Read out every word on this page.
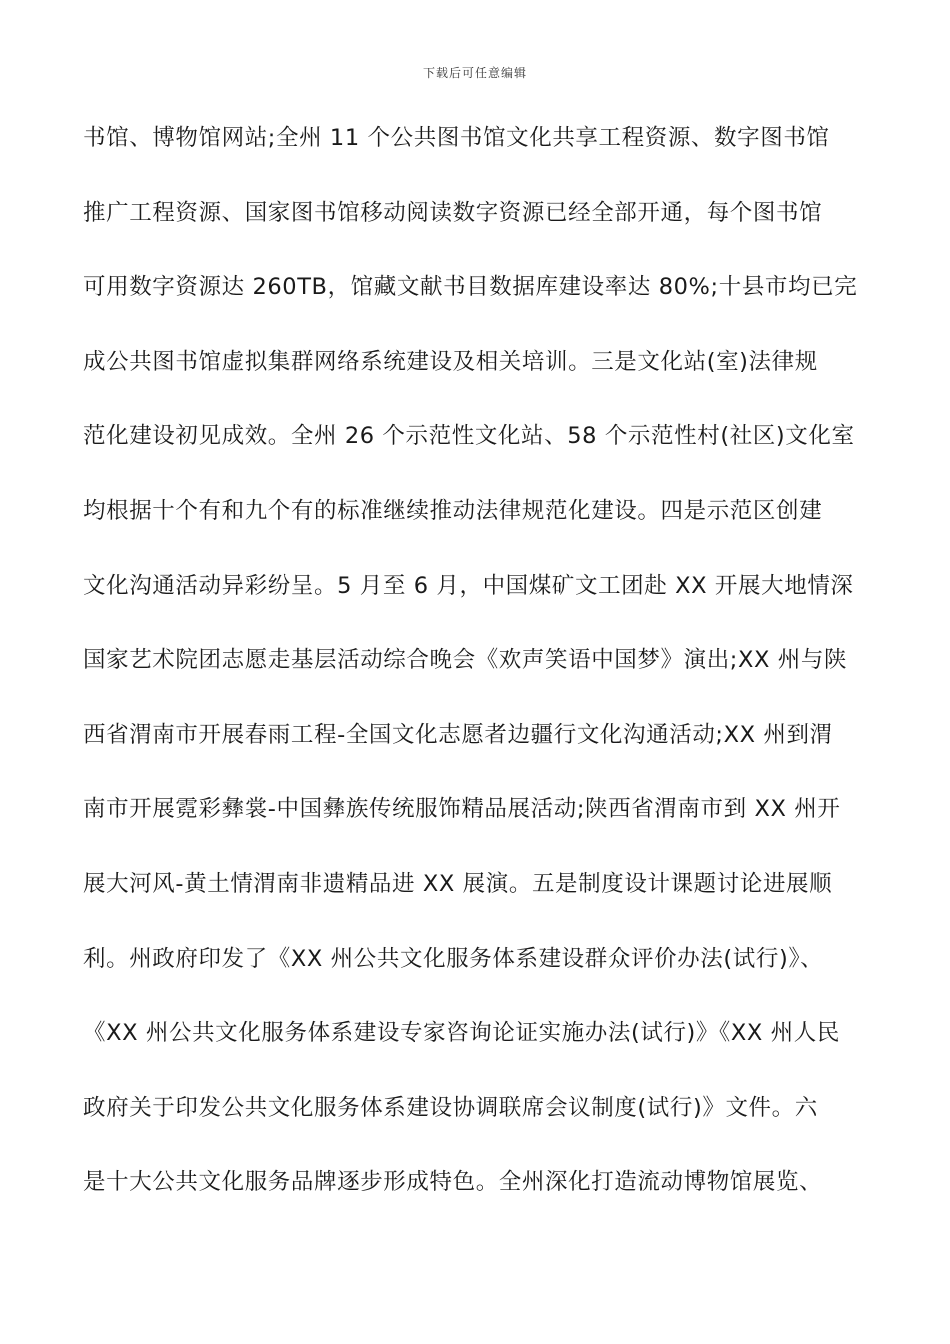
下载后可任意编辑
书馆、博物馆网站;全州 11 个公共图书馆文化共享工程资源、数字图书馆
推广工程资源、国家图书馆移动阅读数字资源已经全部开通，每个图书馆
可用数字资源达 260TB，馆藏文献书目数据库建设率达 80%;十县市均已完
成公共图书馆虚拟集群网络系统建设及相关培训。三是文化站(室)法律规
范化建设初见成效。全州 26 个示范性文化站、58 个示范性村(社区)文化室
均根据十个有和九个有的标准继续推动法律规范化建设。四是示范区创建
文化沟通活动异彩纷呈。5 月至 6 月，中国煤矿文工团赴 XX 开展大地情深
国家艺术院团志愿走基层活动综合晚会《欢声笑语中国梦》演出;XX 州与陕
西省渭南市开展春雨工程-全国文化志愿者边疆行文化沟通活动;XX 州到渭
南市开展霓彩彝裳-中国彝族传统服饰精品展活动;陕西省渭南市到 XX 州开
展大河风-黄土情渭南非遗精品进 XX 展演。五是制度设计课题讨论进展顺
利。州政府印发了《XX 州公共文化服务体系建设群众评价办法(试行)》、
《XX 州公共文化服务体系建设专家咨询论证实施办法(试行)》《XX 州人民
政府关于印发公共文化服务体系建设协调联席会议制度(试行)》文件。六
是十大公共文化服务品牌逐步形成特色。全州深化打造流动博物馆展览、
